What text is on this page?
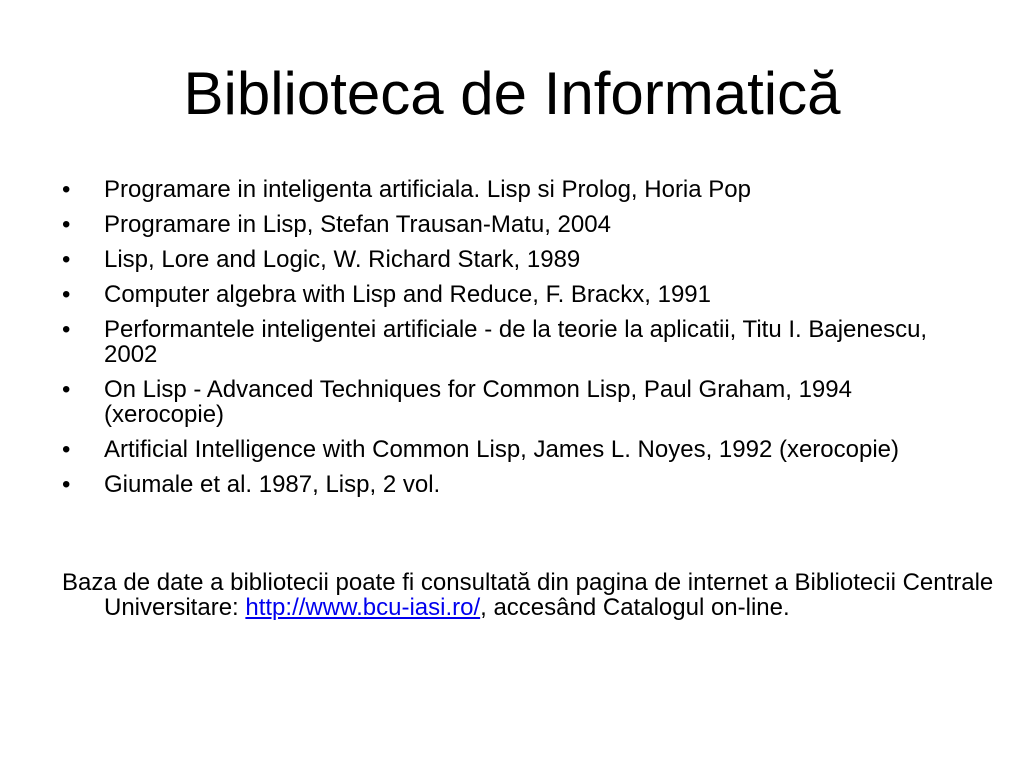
Biblioteca de Informatică
•	Programare in inteligenta artificiala. Lisp si Prolog, Horia Pop
•	Programare in Lisp, Stefan Trausan-Matu, 2004
•	Lisp, Lore and Logic, W. Richard Stark, 1989
•	Computer algebra with Lisp and Reduce, F. Brackx, 1991
•	Performantele inteligentei artificiale - de la teorie la aplicatii, Titu I. Bajenescu, 2002
•	On Lisp - Advanced Techniques for Common Lisp, Paul Graham, 1994 (xerocopie)
•	Artificial Intelligence with Common Lisp, James L. Noyes, 1992 (xerocopie)
•	Giumale et al. 1987, Lisp, 2 vol.

Baza de date a bibliotecii poate fi consultată din pagina de internet a Bibliotecii Centrale Universitare: http://www.bcu-iasi.ro/, accesând Catalogul on-line.
